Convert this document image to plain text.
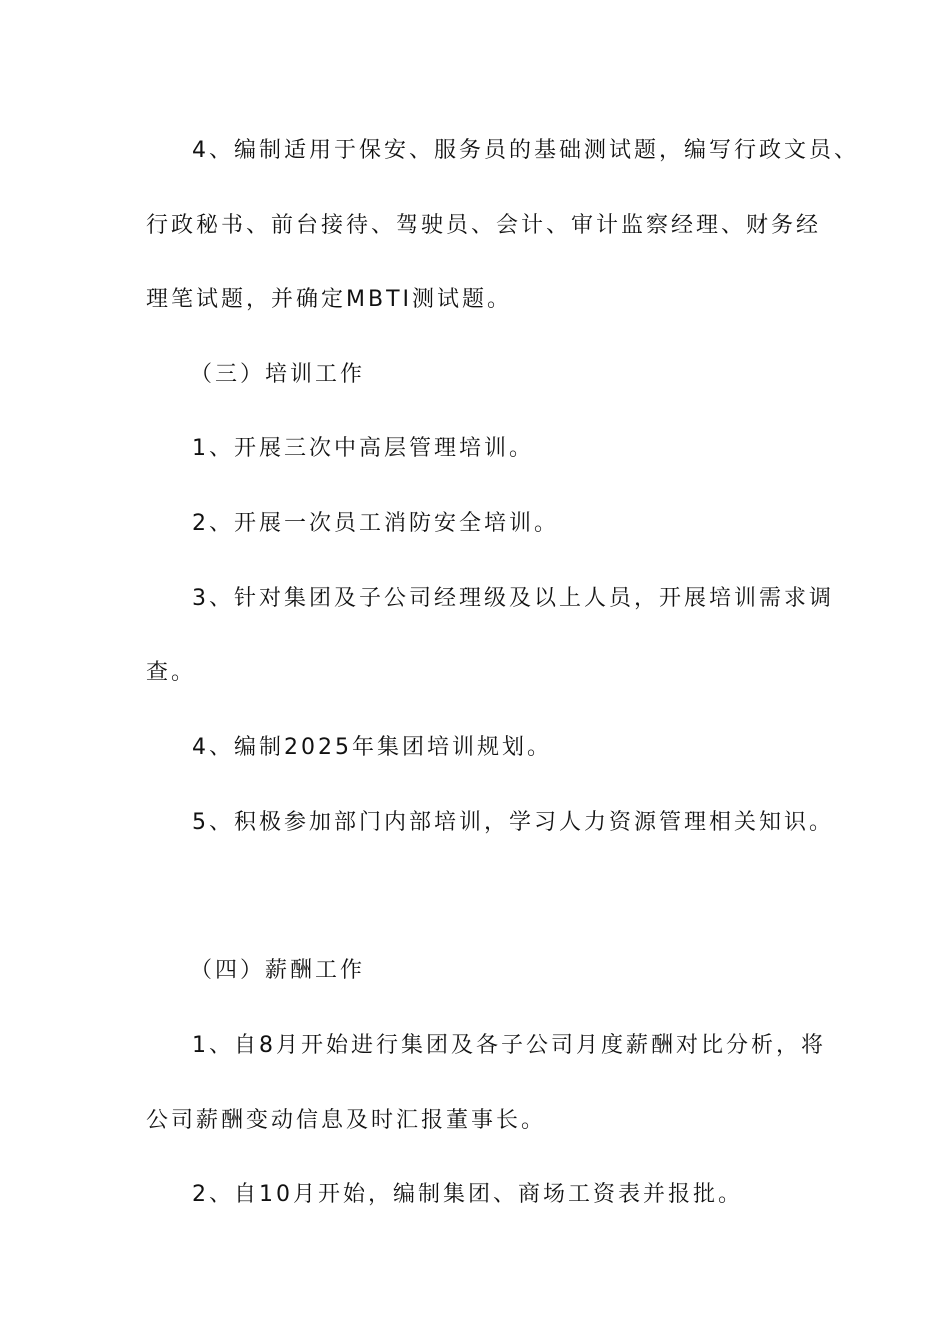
4、编制适用于保安、服务员的基础测试题，编写行政文员、
行政秘书、前台接待、驾驶员、会计、审计监察经理、财务经
理笔试题，并确定MBTI测试题。
（三）培训工作
1、开展三次中高层管理培训。
2、开展一次员工消防安全培训。
3、针对集团及子公司经理级及以上人员，开展培训需求调
查。
4、编制2025年集团培训规划。
5、积极参加部门内部培训，学习人力资源管理相关知识。
（四）薪酬工作
1、自8月开始进行集团及各子公司月度薪酬对比分析，将
公司薪酬变动信息及时汇报董事长。
2、自10月开始，编制集团、商场工资表并报批。
